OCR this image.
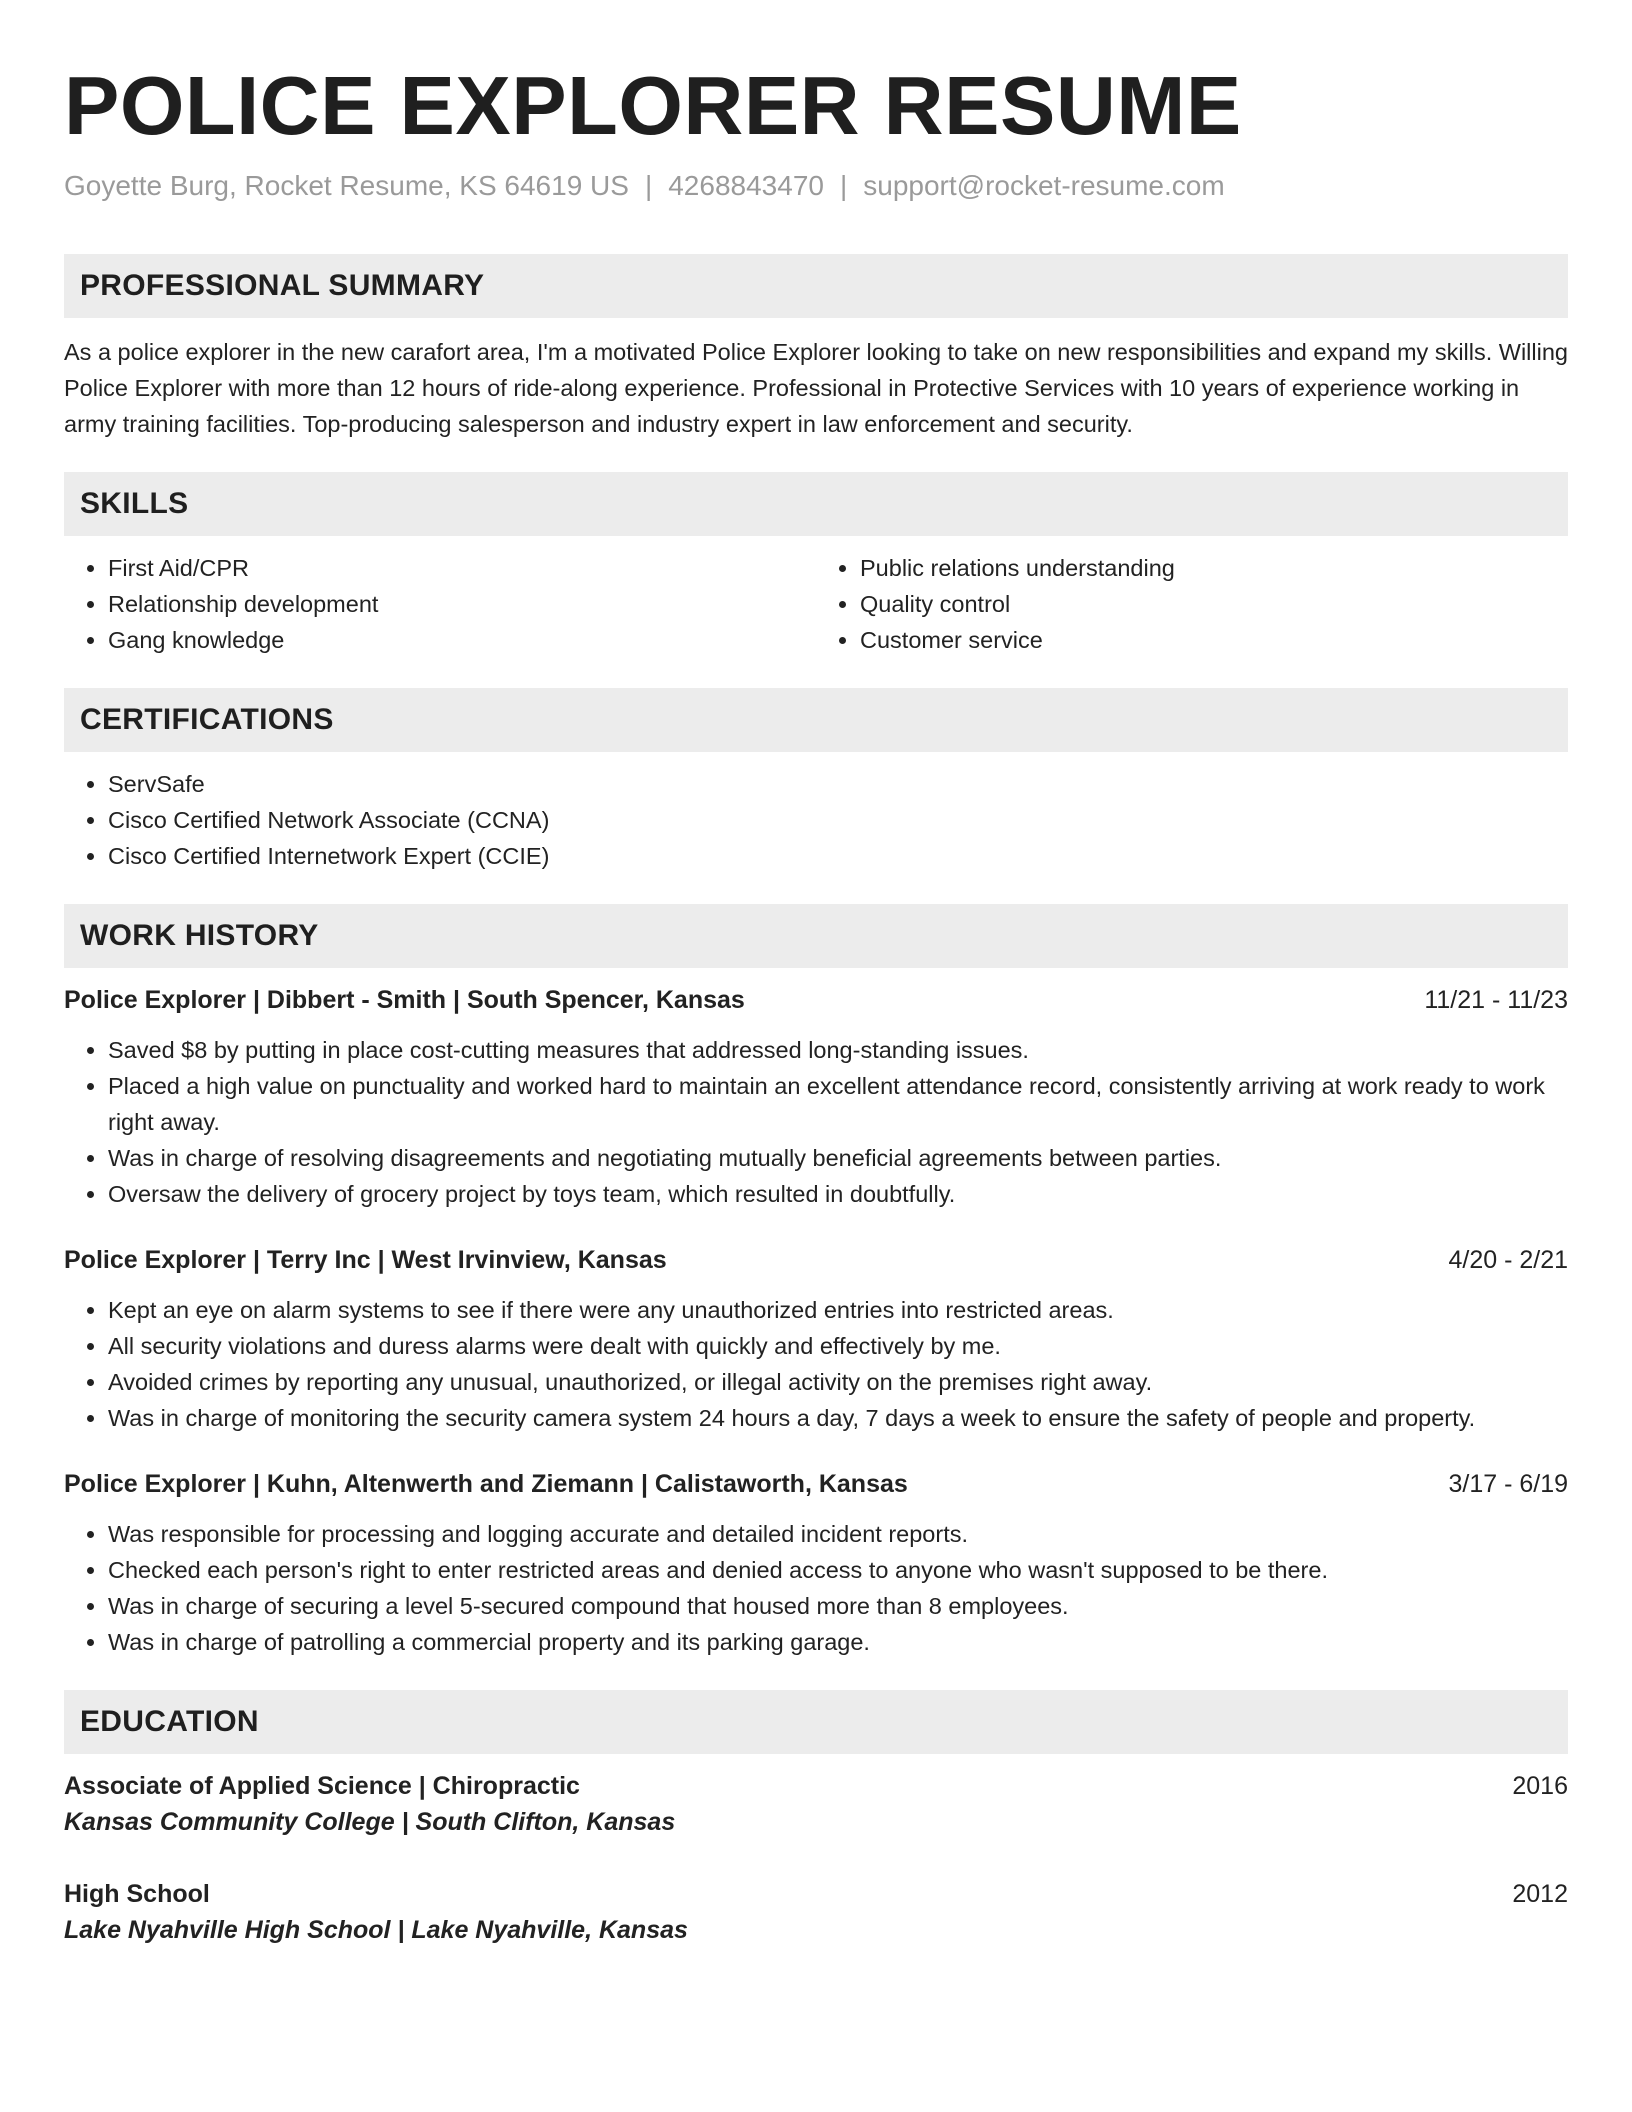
POLICE EXPLORER RESUME
Goyette Burg, Rocket Resume, KS 64619 US | 4268843470 | support@rocket-resume.com
PROFESSIONAL SUMMARY

As a police explorer in the new carafort area, I'm a motivated Police Explorer looking to take on new responsibilities and expand my skills. Willing Police Explorer with more than 12 hours of ride-along experience. Professional in Protective Services with 10 years of experience working in army training facilities. Top-producing salesperson and industry expert in law enforcement and security.

SKILLS
• First Aid/CPR
• Relationship development
• Gang knowledge
• Public relations understanding
• Quality control
• Customer service
CERTIFICATIONS
• ServSafe
• Cisco Certified Network Associate (CCNA)
• Cisco Certified Internetwork Expert (CCIE)
WORK HISTORY
Police Explorer | Dibbert - Smith | South Spencer, Kansas	11/21 - 11/23
• Saved $8 by putting in place cost-cutting measures that addressed long-standing issues.
• Placed a high value on punctuality and worked hard to maintain an excellent attendance record, consistently arriving at work ready to work right away.
• Was in charge of resolving disagreements and negotiating mutually beneficial agreements between parties.
• Oversaw the delivery of grocery project by toys team, which resulted in doubtfully.
Police Explorer | Terry Inc | West Irvinview, Kansas	4/20 - 2/21
• Kept an eye on alarm systems to see if there were any unauthorized entries into restricted areas.
• All security violations and duress alarms were dealt with quickly and effectively by me.
• Avoided crimes by reporting any unusual, unauthorized, or illegal activity on the premises right away.
• Was in charge of monitoring the security camera system 24 hours a day, 7 days a week to ensure the safety of people and property.
Police Explorer | Kuhn, Altenwerth and Ziemann | Calistaworth, Kansas	3/17 - 6/19
• Was responsible for processing and logging accurate and detailed incident reports.
• Checked each person's right to enter restricted areas and denied access to anyone who wasn't supposed to be there.
• Was in charge of securing a level 5-secured compound that housed more than 8 employees.
• Was in charge of patrolling a commercial property and its parking garage.
EDUCATION
Associate of Applied Science | Chiropractic	2016
Kansas Community College | South Clifton, Kansas
High School	2012
Lake Nyahville High School | Lake Nyahville, Kansas
